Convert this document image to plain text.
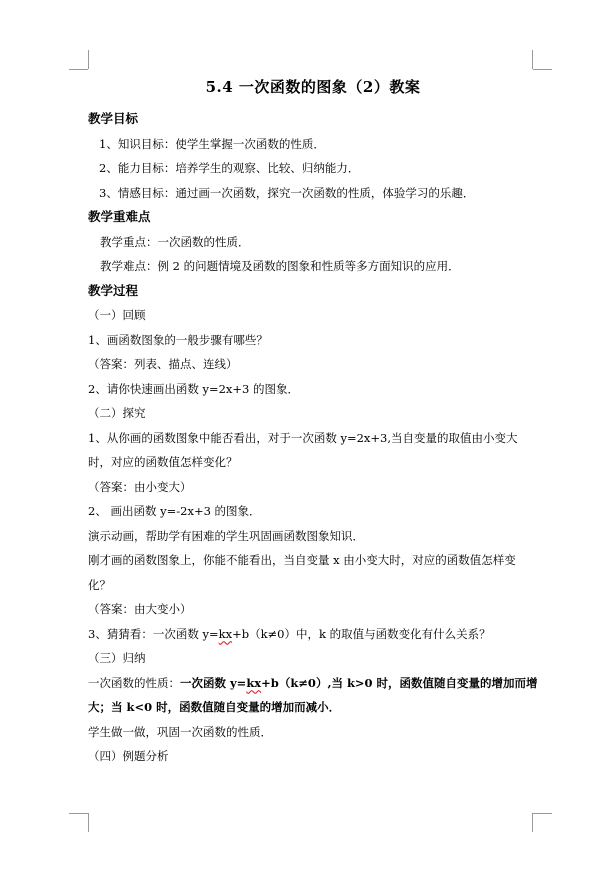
5.4 一次函数的图象（2）教案
教学目标
1、知识目标：使学生掌握一次函数的性质．
2、能力目标：培养学生的观察、比较、归纳能力．
3、情感目标：通过画一次函数，探究一次函数的性质，体验学习的乐趣．
教学重难点
教学重点：一次函数的性质．
教学难点：例 2 的问题情境及函数的图象和性质等多方面知识的应用．
教学过程
（一）回顾
1、画函数图象的一般步骤有哪些？
（答案：列表、描点、连线）
2、请你快速画出函数 y=2x+3 的图象．
（二）探究
1、从你画的函数图象中能否看出，对于一次函数 y=2x+3,当自变量的取值由小变大时，对应的函数值怎样变化？
（答案：由小变大）
2、 画出函数 y=-2x+3 的图象．
演示动画，帮助学有困难的学生巩固画函数图象知识．
刚才画的函数图象上，你能不能看出，当自变量 x 由小变大时，对应的函数值怎样变化？
（答案：由大变小）
3、猜猜看：一次函数 y=kx+b（k≠0）中，k 的取值与函数变化有什么关系？
（三）归纳
一次函数的性质：一次函数 y=kx+b（k≠0）,当 k>0 时，函数值随自变量的增加而增大；当 k<0 时，函数值随自变量的增加而减小．
学生做一做，巩固一次函数的性质．
（四）例题分析
